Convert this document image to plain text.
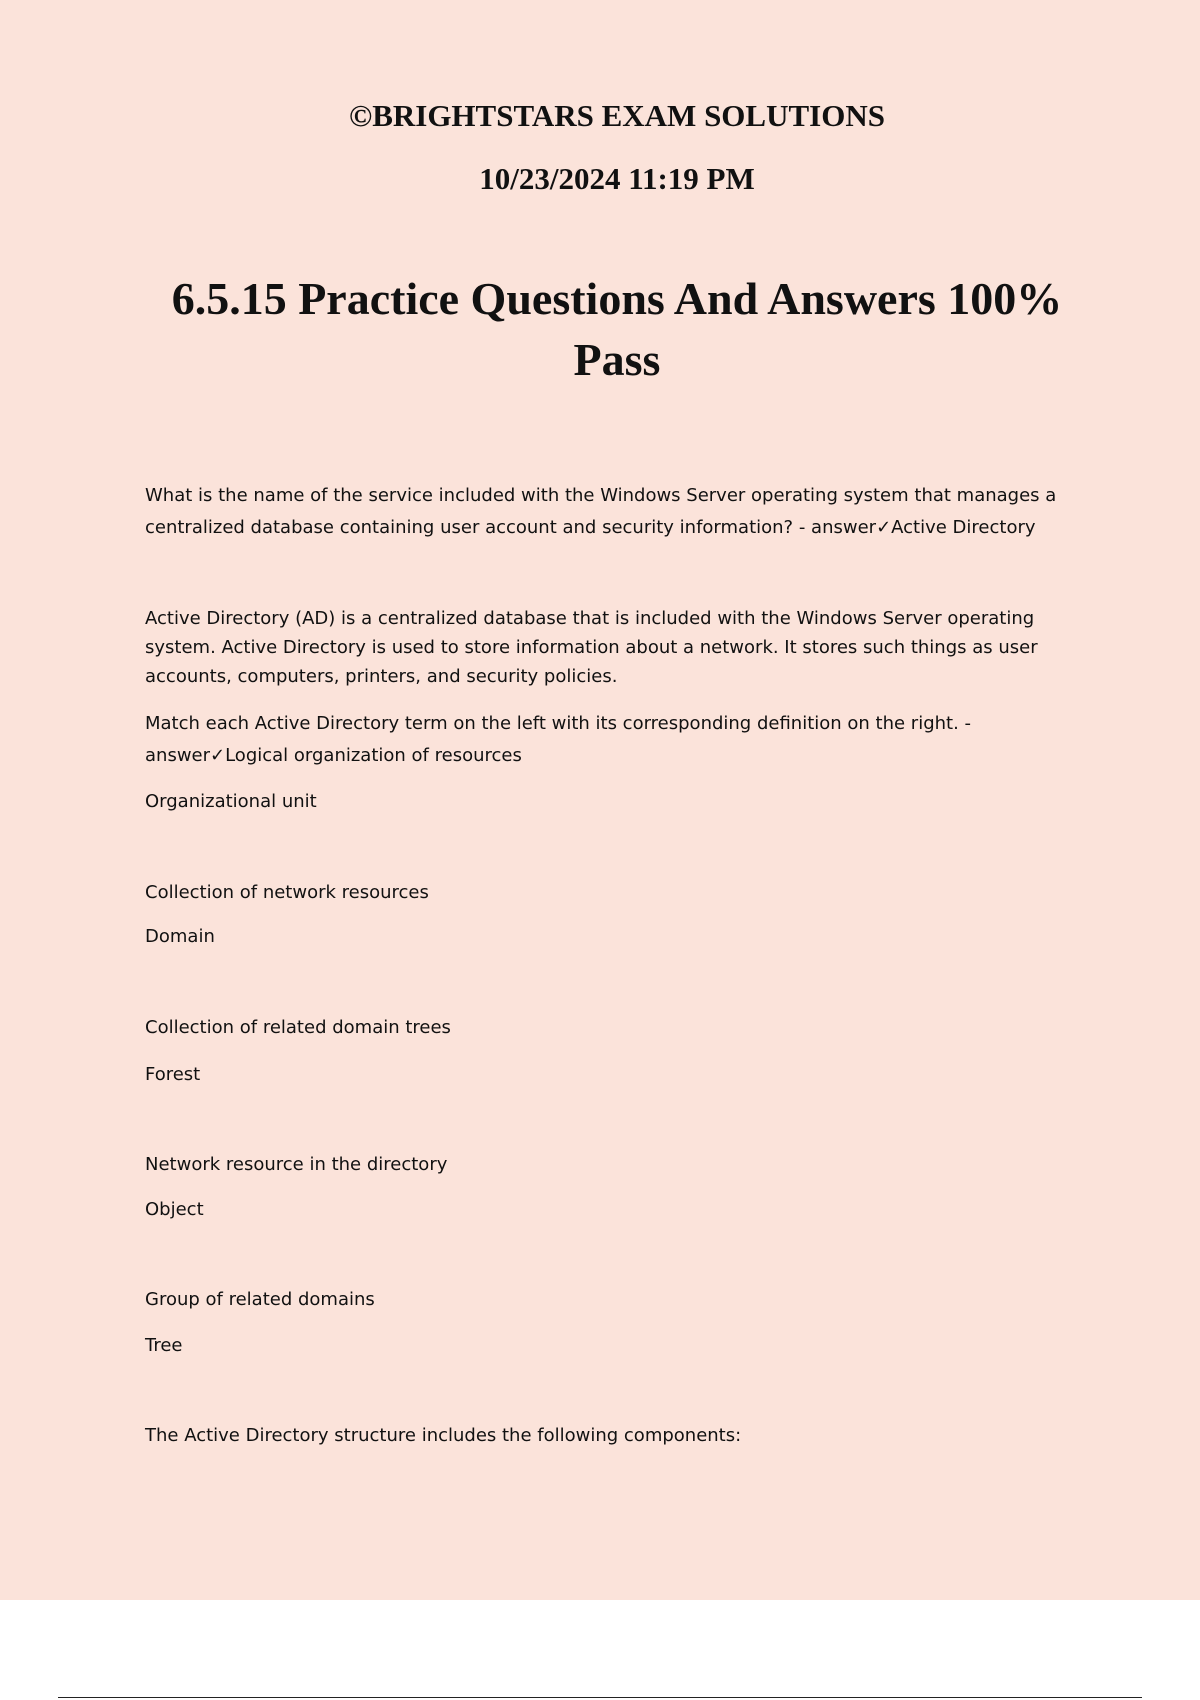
©BRIGHTSTARS EXAM SOLUTIONS

10/23/2024 11:19 PM

6.5.15 Practice Questions And Answers 100% Pass

What is the name of the service included with the Windows Server operating system that manages a centralized database containing user account and security information? - answer✓Active Directory

Active Directory (AD) is a centralized database that is included with the Windows Server operating system. Active Directory is used to store information about a network. It stores such things as user accounts, computers, printers, and security policies.

Match each Active Directory term on the left with its corresponding definition on the right. - answer✓Logical organization of resources

Organizational unit

Collection of network resources

Domain

Collection of related domain trees

Forest

Network resource in the directory

Object

Group of related domains

Tree

The Active Directory structure includes the following components:
